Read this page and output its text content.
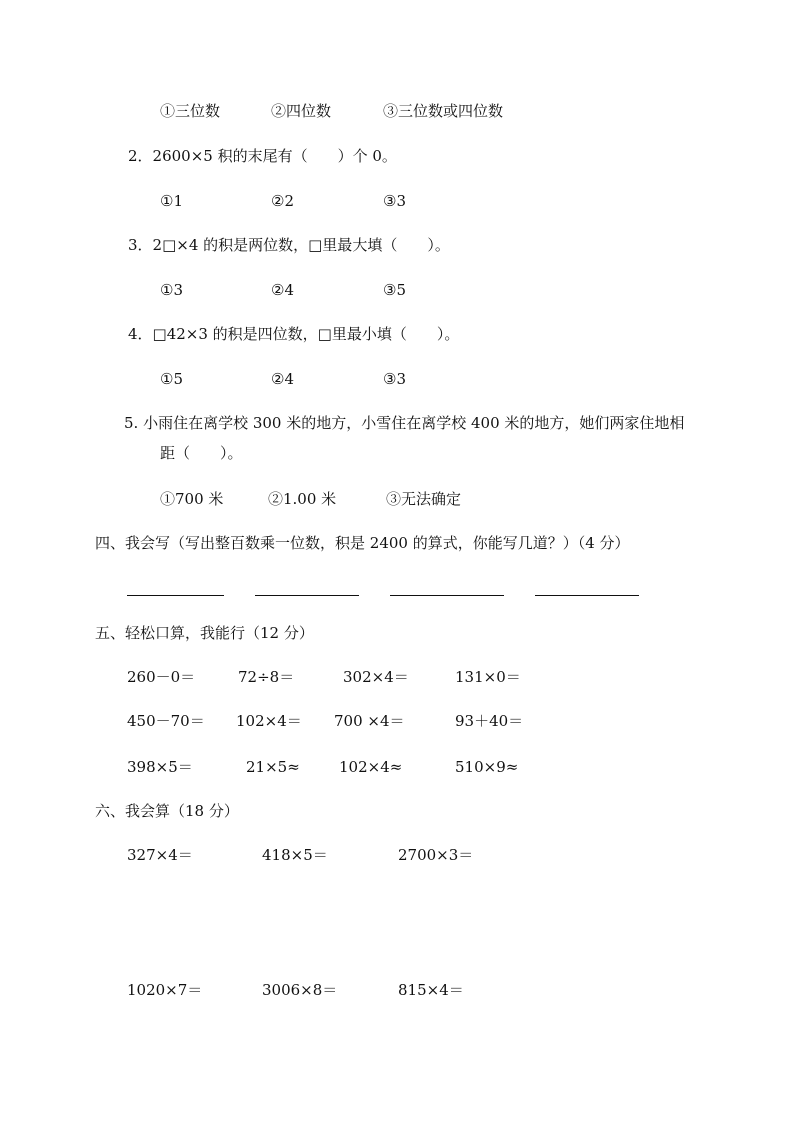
①三位数	②四位数	③三位数或四位数
2．2600×5 积的末尾有（　　）个 0。
①1	②2	③3
3．2□×4 的积是两位数，□里最大填（　　）。
①3	②4	③5
4．□42×3 的积是四位数，□里最小填（　　）。
①5	②4	③3
5. 小雨住在离学校 300 米的地方，小雪住在离学校 400 米的地方，她们两家住地相
距（　　）。
①700 米	②1.00 米	③无法确定
四、我会写（写出整百数乘一位数，积是 2400 的算式，你能写几道？）（4 分）
五、轻松口算，我能行（12 分）
260－0＝	72÷8＝	302×4＝	131×0＝
450－70＝ 102×4＝ 700 ×4＝	93＋40＝
398×5＝	21×5≈	102×4≈	510×9≈
六、我会算（18 分）
327×4＝	418×5＝	2700×3＝
1020×7＝	3006×8＝	815×4＝
